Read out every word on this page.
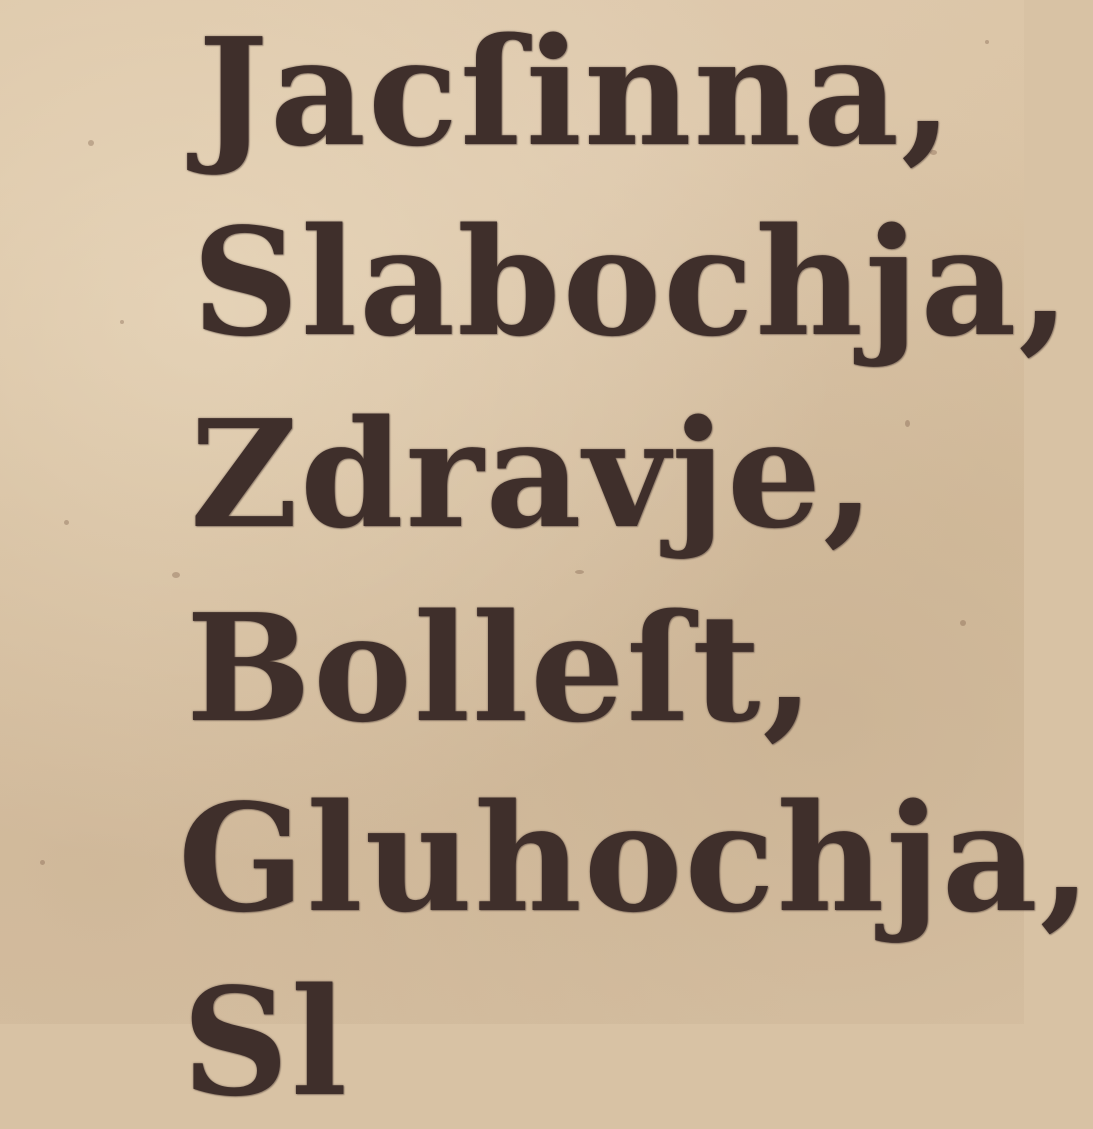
Jacſinna,

Slabochja,

Zdravje,

Bolleſt,

Gluhochja,

Sl
